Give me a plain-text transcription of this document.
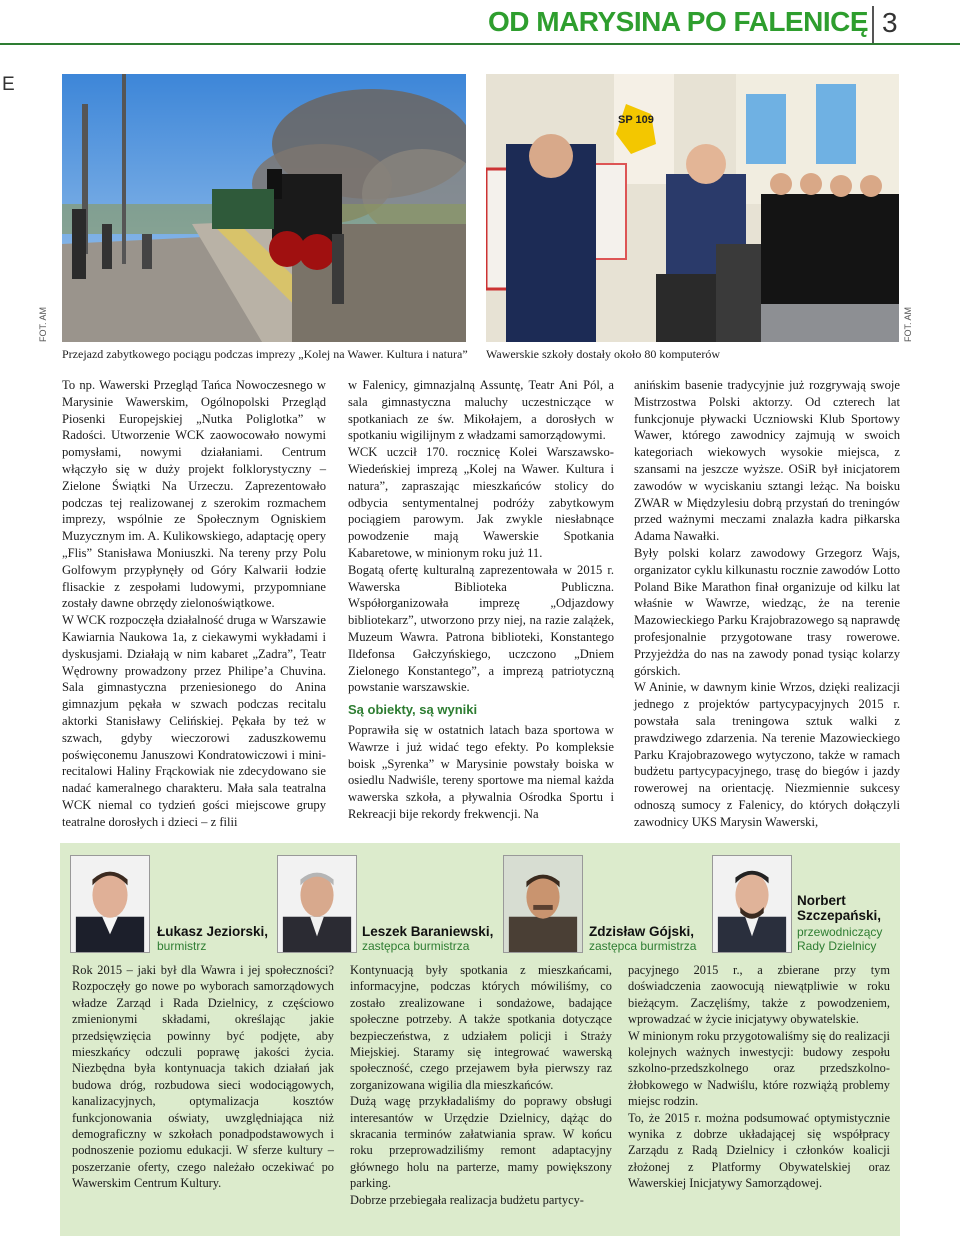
OD MARYSINA PO FALENICĘ 3
E
FOT. AM
Przejazd zabytkowego pociągu podczas imprezy „Kolej na Wawer. Kultura i natura”
SP 109
FOT. AM
Wawerskie szkoły dostały około 80 komputerów

To np. Wawerski Przegląd Tańca Nowoczesnego w Marysinie Wawerskim, Ogólnopolski Przegląd Piosenki Europejskiej „Nutka Poliglotka” w Radości. Utworzenie WCK zaowocowało nowymi pomysłami, nowymi działaniami. Centrum włączyło się w duży projekt folklorystyczny – Zielone Świątki Na Urzeczu. Zaprezentowało podczas tej realizowanej z szerokim rozmachem imprezy, wspólnie ze Społecznym Ogniskiem Muzycznym im. A. Kulikowskiego, adaptację opery „Flis” Stanisława Moniuszki. Na tereny przy Polu Golfowym przypłynęły od Góry Kalwarii łodzie flisackie z zespołami ludowymi, przypomniane zostały dawne obrzędy zielonoświątkowe.

W WCK rozpoczęła działalność druga w Warszawie Kawiarnia Naukowa 1a, z ciekawymi wykładami i dyskusjami. Działają w nim kabaret „Zadra”, Teatr Wędrowny prowadzony przez Philipe’a Chuvina. Sala gimnastyczna przeniesionego do Anina gimnazjum pękała w szwach podczas recitalu aktorki Stanisławy Celińskiej. Pękała by też w szwach, gdyby wieczorowi zaduszkowemu poświęconemu Januszowi Kondratowiczowi i mini-recitalowi Haliny Frąckowiak nie zdecydowano sie nadać kameralnego charakteru. Mała sala teatralna WCK niemal co tydzień gości miejscowe grupy teatralne dorosłych i dzieci – z filii

w Falenicy, gimnazjalną Assuntę, Teatr Ani Pól, a sala gimnastyczna maluchy uczestniczące w spotkaniach ze św. Mikołajem, a dorosłych w spotkaniu wigilijnym z władzami samorządowymi.

WCK uczcił 170. rocznicę Kolei Warszawsko-Wiedeńskiej imprezą „Kolej na Wawer. Kultura i natura”, zapraszając mieszkańców stolicy do odbycia sentymentalnej podróży zabytkowym pociągiem parowym. Jak zwykle niesłabnące powodzenie mają Wawerskie Spotkania Kabaretowe, w minionym roku już 11.

Bogatą ofertę kulturalną zaprezentowała w 2015 r. Wawerska Biblioteka Publiczna. Współorganizowała imprezę „Odjazdowy bibliotekarz”, utworzono przy niej, na razie zalążek, Muzeum Wawra. Patrona biblioteki, Konstantego Ildefonsa Gałczyńskiego, uczczono „Dniem Zielonego Konstantego”, a imprezą patriotyczną powstanie warszawskie.

Są obiekty, są wyniki

Poprawiła się w ostatnich latach baza sportowa w Wawrze i już widać tego efekty. Po kompleksie boisk „Syrenka” w Marysinie powstały boiska w osiedlu Nadwiśle, tereny sportowe ma niemal każda wawerska szkoła, a pływalnia Ośrodka Sportu i Rekreacji bije rekordy frekwencji. Na

anińskim basenie tradycyjnie już rozgrywają swoje Mistrzostwa Polski aktorzy. Od czterech lat funkcjonuje pływacki Uczniowski Klub Sportowy Wawer, którego zawodnicy zajmują w swoich kategoriach wiekowych wysokie miejsca, z szansami na jeszcze wyższe. OSiR był inicjatorem zawodów w wyciskaniu sztangi leżąc. Na boisku ZWAR w Międzylesiu dobrą przystań do treningów przed ważnymi meczami znalazła kadra piłkarska Adama Nawałki.

Były polski kolarz zawodowy Grzegorz Wajs, organizator cyklu kilkunastu rocznie zawodów Lotto Poland Bike Marathon finał organizuje od kilku lat właśnie w Wawrze, wiedząc, że na terenie Mazowieckiego Parku Krajobrazowego są naprawdę profesjonalnie przygotowane trasy rowerowe. Przyjeżdża do nas na zawody ponad tysiąc kolarzy górskich.

W Aninie, w dawnym kinie Wrzos, dzięki realizacji jednego z projektów partycypacyjnych 2015 r. powstała sala treningowa sztuk walki z prawdziwego zdarzenia. Na terenie Mazowieckiego Parku Krajobrazowego wytyczono, także w ramach budżetu partycypacyjnego, trasę do biegów i jazdy rowerowej na orientację. Niezmiennie sukcesy odnoszą sumocy z Falenicy, do których dołączyli zawodnicy UKS Marysin Wawerski,

Łukasz Jeziorski,
burmistrz
Leszek Baraniewski,
zastępca burmistrza
Zdzisław Gójski,
zastępca burmistrza
Norbert
Szczepański,
przewodniczący
Rady Dzielnicy

Rok 2015 – jaki był dla Wawra i jej społeczności? Rozpoczęły go nowe po wyborach samorządowych władze Zarząd i Rada Dzielnicy, z częściowo zmienionymi składami, określając jakie przedsięwzięcia powinny być podjęte, aby mieszkańcy odczuli poprawę jakości życia. Niezbędna była kontynuacja takich działań jak budowa dróg, rozbudowa sieci wodociągowych, kanalizacyjnych, optymalizacja kosztów funkcjonowania oświaty, uwzględniająca niż demograficzny w szkołach ponadpodstawowych i podnoszenie poziomu edukacji. W sferze kultury – poszerzanie oferty, czego należało oczekiwać po Wawerskim Centrum Kultury.

Kontynuacją były spotkania z mieszkańcami, informacyjne, podczas których mówiliśmy, co zostało zrealizowane i sondażowe, badające społeczne potrzeby. A także spotkania dotyczące bezpieczeństwa, z udziałem policji i Straży Miejskiej. Staramy się integrować wawerską społeczność, czego przejawem była pierwszy raz zorganizowana wigilia dla mieszkańców.

Dużą wagę przykładaliśmy do poprawy obsługi interesantów w Urzędzie Dzielnicy, dążąc do skracania terminów załatwiania spraw. W końcu roku przeprowadziliśmy remont adaptacyjny głównego holu na parterze, mamy powiększony parking.

Dobrze przebiegała realizacja budżetu partycy-

pacyjnego 2015 r., a zbierane przy tym doświadczenia zaowocują niewątpliwie w roku bieżącym. Zaczęliśmy, także z powodzeniem, wprowadzać w życie inicjatywy obywatelskie.

W minionym roku przygotowaliśmy się do realizacji kolejnych ważnych inwestycji: budowy zespołu szkolno-przedszkolnego oraz przedszkolno-żłobkowego w Nadwiślu, które rozwiążą problemy miejsc rodzin.

To, że 2015 r. można podsumować optymistycznie wynika z dobrze układającej się współpracy Zarządu z Radą Dzielnicy i członków koalicji złożonej z Platformy Obywatelskiej oraz Wawerskiej Inicjatywy Samorządowej.
